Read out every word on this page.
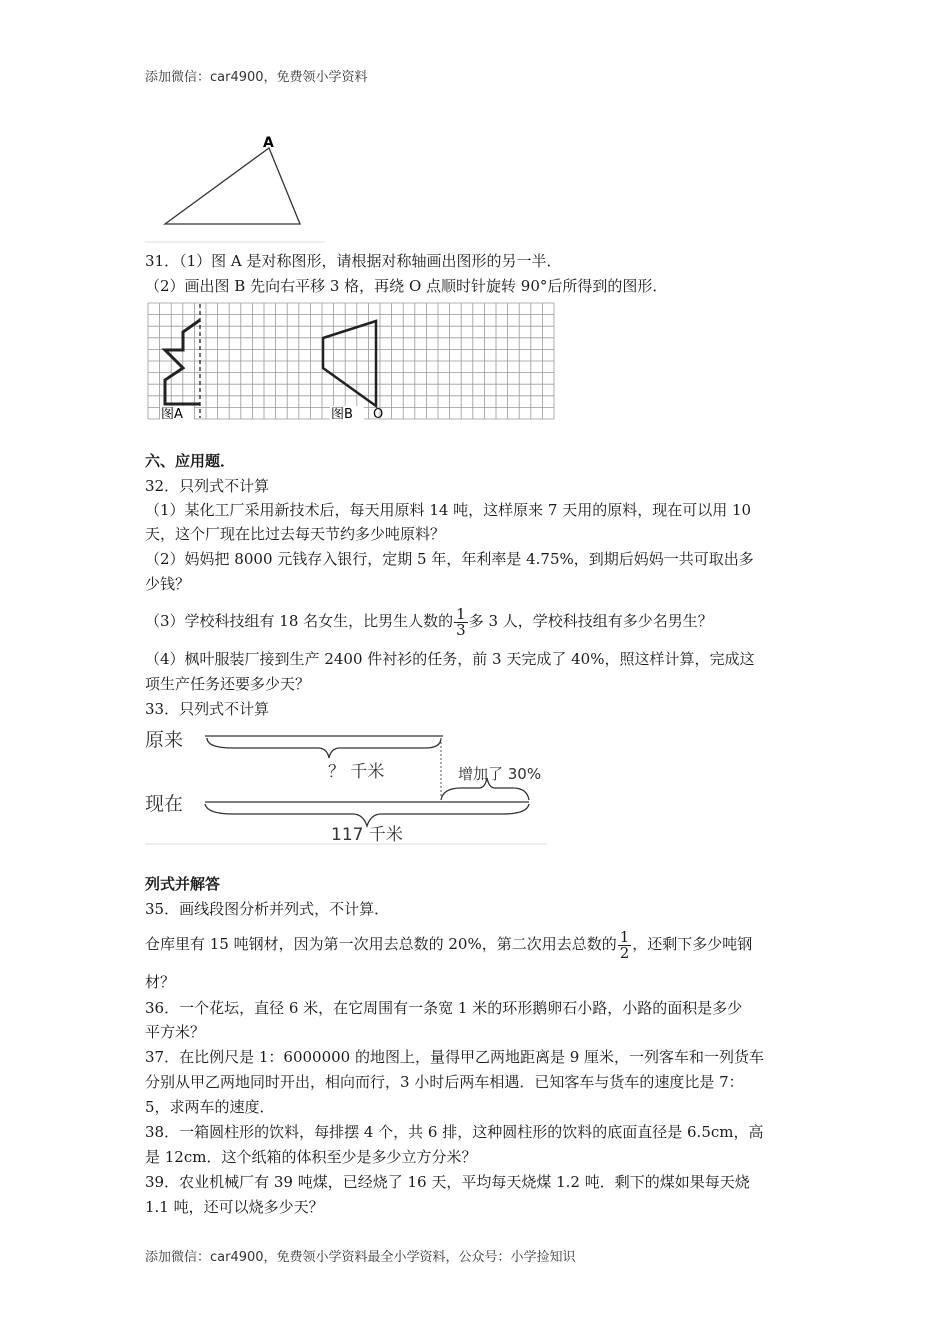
添加微信：car4900，免费领小学资料
A
31．（1）图 A 是对称图形，请根据对称轴画出图形的另一半．
（2）画出图 B 先向右平移 3 格，再绕 O 点顺时针旋转 90°后所得到的图形．
图A	图B O
六、应用题．
32．只列式不计算
（1）某化工厂采用新技术后，每天用原料 14 吨，这样原来 7 天用的原料，现在可以用 10
天，这个厂现在比过去每天节约多少吨原料？
（2）妈妈把 8000 元钱存入银行，定期 5 年，年利率是 4.75%，到期后妈妈一共可取出多
少钱？
（3）学校科技组有 18 名女生，比男生人数的 $\frac{1}{3}$ 多 3 人，学校科技组有多少名男生？
（4）枫叶服装厂接到生产 2400 件衬衫的任务，前 3 天完成了 40%，照这样计算，完成这
项生产任务还要多少天？
33．只列式不计算
原来
？ 千米	增加了 30%
现在
117 千米
列式并解答
35．画线段图分析并列式，不计算．
仓库里有 15 吨钢材，因为第一次用去总数的 20%，第二次用去总数的 $\frac{1}{2}$ ，还剩下多少吨钢
材？
36．一个花坛，直径 6 米，在它周围有一条宽 1 米的环形鹅卵石小路，小路的面积是多少
平方米？
37．在比例尺是 1：6000000 的地图上，量得甲乙两地距离是 9 厘米，一列客车和一列货车
分别从甲乙两地同时开出，相向而行，3 小时后两车相遇．已知客车与货车的速度比是 7：
5，求两车的速度．
38．一箱圆柱形的饮料，每排摆 4 个，共 6 排，这种圆柱形的饮料的底面直径是 6.5cm，高
是 12cm．这个纸箱的体积至少是多少立方分米？
39．农业机械厂有 39 吨煤，已经烧了 16 天，平均每天烧煤 1.2 吨．剩下的煤如果每天烧
1.1 吨，还可以烧多少天？
添加微信：car4900，免费领小学资料最全小学资料，公众号：小学捡知识
